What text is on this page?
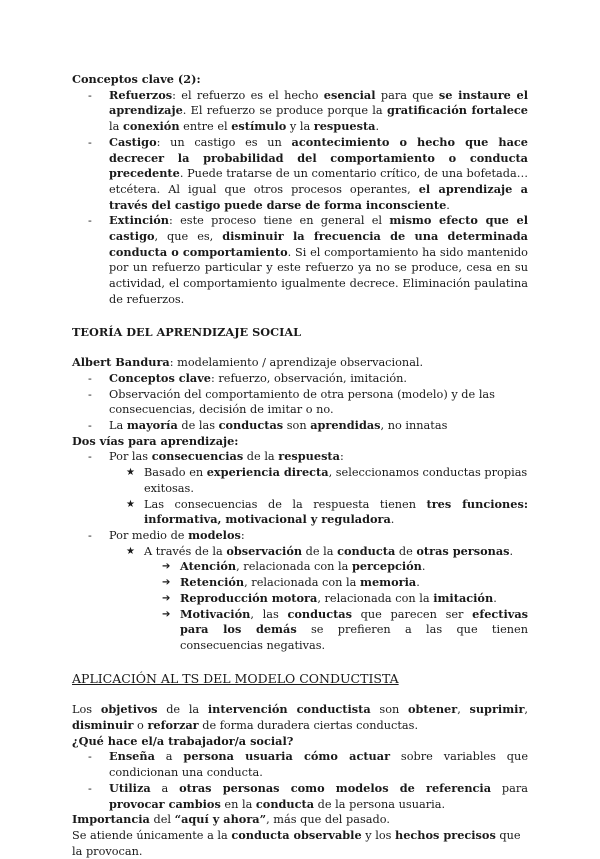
Conceptos clave (2):
- Refuerzos: el refuerzo es el hecho esencial para que se instaure el aprendizaje. El refuerzo se produce porque la gratificación fortalece la conexión entre el estímulo y la respuesta.
- Castigo: un castigo es un acontecimiento o hecho que hace decrecer la probabilidad del comportamiento o conducta precedente. Puede tratarse de un comentario crítico, de una bofetada… etcétera. Al igual que otros procesos operantes, el aprendizaje a través del castigo puede darse de forma inconsciente.
- Extinción: este proceso tiene en general el mismo efecto que el castigo, que es, disminuir la frecuencia de una determinada conducta o comportamiento. Si el comportamiento ha sido mantenido por un refuerzo particular y este refuerzo ya no se produce, cesa en su actividad, el comportamiento igualmente decrece. Eliminación paulatina de refuerzos.
TEORÍA DEL APRENDIZAJE SOCIAL
Albert Bandura: modelamiento / aprendizaje observacional.
- Conceptos clave: refuerzo, observación, imitación.
- Observación del comportamiento de otra persona (modelo) y de las consecuencias, decisión de imitar o no.
- La mayoría de las conductas son aprendidas, no innatas
Dos vías para aprendizaje:
- Por las consecuencias de la respuesta:
★ Basado en experiencia directa, seleccionamos conductas propias exitosas.
★ Las consecuencias de la respuesta tienen tres funciones: informativa, motivacional y reguladora.
- Por medio de modelos:
★ A través de la observación de la conducta de otras personas.
➔ Atención, relacionada con la percepción.
➔ Retención, relacionada con la memoria.
➔ Reproducción motora, relacionada con la imitación.
➔ Motivación, las conductas que parecen ser efectivas para los demás se prefieren a las que tienen consecuencias negativas.
APLICACIÓN AL TS DEL MODELO CONDUCTISTA
Los objetivos de la intervención conductista son obtener, suprimir, disminuir o reforzar de forma duradera ciertas conductas.
¿Qué hace el/a trabajador/a social?
- Enseña a persona usuaria cómo actuar sobre variables que condicionan una conducta.
- Utiliza a otras personas como modelos de referencia para provocar cambios en la conducta de la persona usuaria.
Importancia del “aquí y ahora”, más que del pasado.
Se atiende únicamente a la conducta observable y los hechos precisos que la provocan.
